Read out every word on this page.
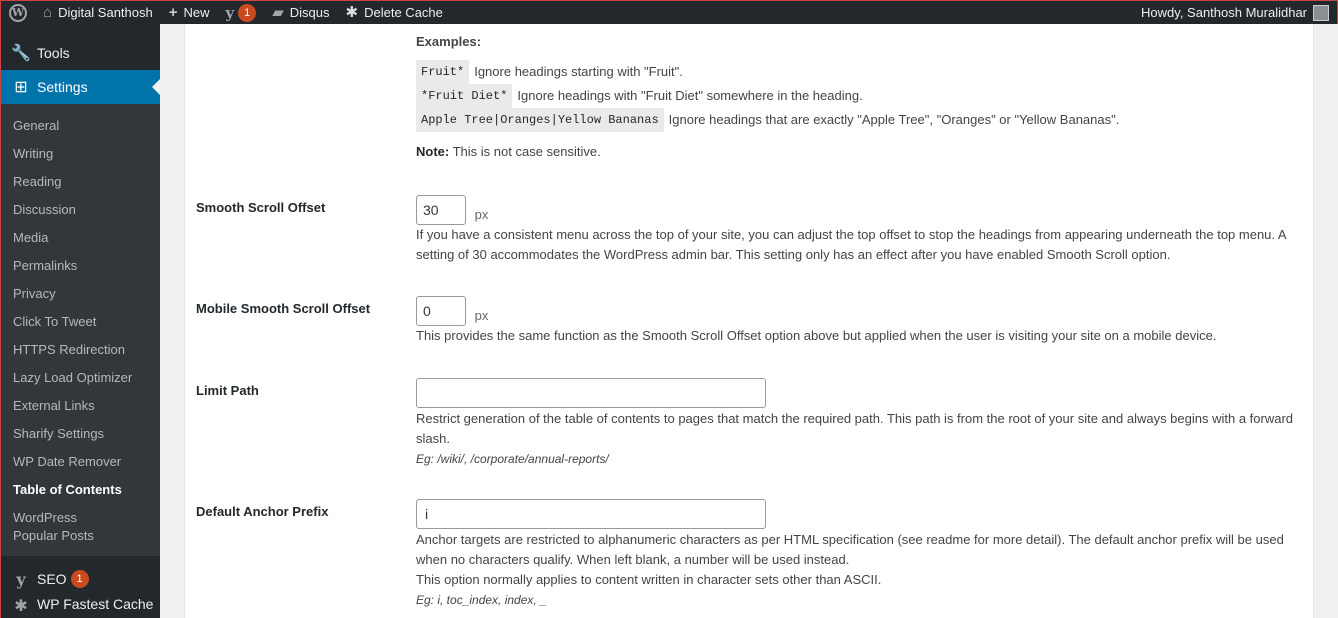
W ⌂ Digital Santhosh + New y 1	▰ Disqus ✱ Delete Cache	Howdy, Santhosh Muralidhar
🔧 Tools
⊞ Settings
General
Writing
Reading
Discussion
Media
Permalinks
Privacy
Click To Tweet
HTTPS Redirection
Lazy Load Optimizer
External Links
Sharify Settings
WP Date Remover
Table of Contents
WordPress Popular Posts
y SEO 1
✱ WP Fastest Cache
Examples:
Fruit* Ignore headings starting with "Fruit".
*Fruit Diet* Ignore headings with "Fruit Diet" somewhere in the heading.
Apple Tree|Oranges|Yellow Bananas Ignore headings that are exactly "Apple Tree", "Oranges" or "Yellow Bananas".
Note: This is not case sensitive.
Smooth Scroll Offset
30	px
If you have a consistent menu across the top of your site, you can adjust the top offset to stop the headings from appearing underneath the top menu. A setting of 30 accommodates the WordPress admin bar. This setting only has an effect after you have enabled Smooth Scroll option.
Mobile Smooth Scroll Offset
0	px
This provides the same function as the Smooth Scroll Offset option above but applied when the user is visiting your site on a mobile device.
Limit Path
Restrict generation of the table of contents to pages that match the required path. This path is from the root of your site and always begins with a forward slash.
Eg: /wiki/, /corporate/annual-reports/
Default Anchor Prefix
i
Anchor targets are restricted to alphanumeric characters as per HTML specification (see readme for more detail). The default anchor prefix will be used when no characters qualify. When left blank, a number will be used instead.
This option normally applies to content written in character sets other than ASCII.
Eg: i, toc_index, index, _
